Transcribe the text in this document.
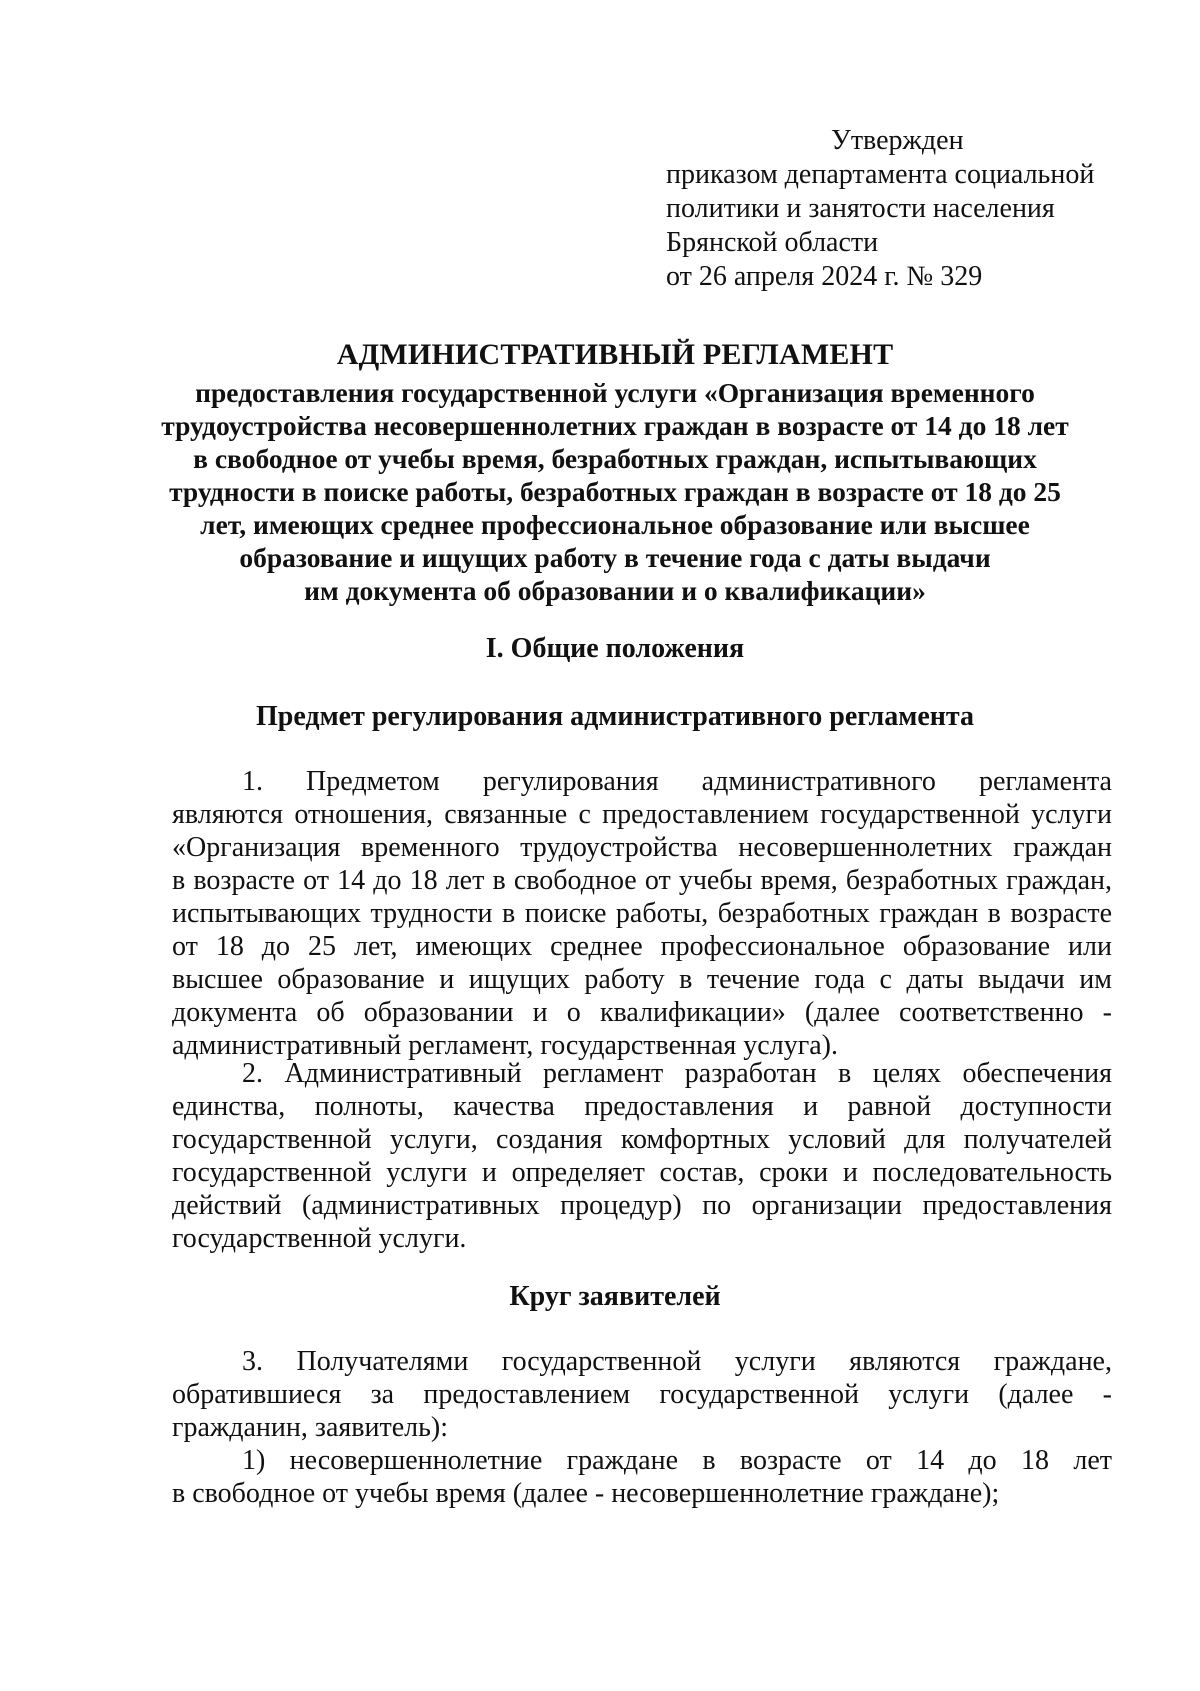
Утвержден
приказом департамента социальной
политики и занятости населения
Брянской области
от 26 апреля 2024 г. № 329
АДМИНИСТРАТИВНЫЙ РЕГЛАМЕНТ
предоставления государственной услуги «Организация временного
трудоустройства несовершеннолетних граждан в возрасте от 14 до 18 лет
в свободное от учебы время, безработных граждан, испытывающих
трудности в поиске работы, безработных граждан в возрасте от 18 до 25
лет, имеющих среднее профессиональное образование или высшее
образование и ищущих работу в течение года с даты выдачи
им документа об образовании и о квалификации»
I. Общие положения
Предмет регулирования административного регламента
1. Предметом регулирования административного регламента
являются отношения, связанные с предоставлением государственной услуги
«Организация временного трудоустройства несовершеннолетних граждан
в возрасте от 14 до 18 лет в свободное от учебы время, безработных граждан,
испытывающих трудности в поиске работы, безработных граждан в возрасте
от 18 до 25 лет, имеющих среднее профессиональное образование или
высшее образование и ищущих работу в течение года с даты выдачи им
документа об образовании и о квалификации» (далее соответственно -
административный регламент, государственная услуга).
2. Административный регламент разработан в целях обеспечения
единства, полноты, качества предоставления и равной доступности
государственной услуги, создания комфортных условий для получателей
государственной услуги и определяет состав, сроки и последовательность
действий (административных процедур) по организации предоставления
государственной услуги.
Круг заявителей
3. Получателями государственной услуги являются граждане,
обратившиеся за предоставлением государственной услуги (далее -
гражданин, заявитель):
1) несовершеннолетние граждане в возрасте от 14 до 18 лет
в свободное от учебы время (далее - несовершеннолетние граждане);
